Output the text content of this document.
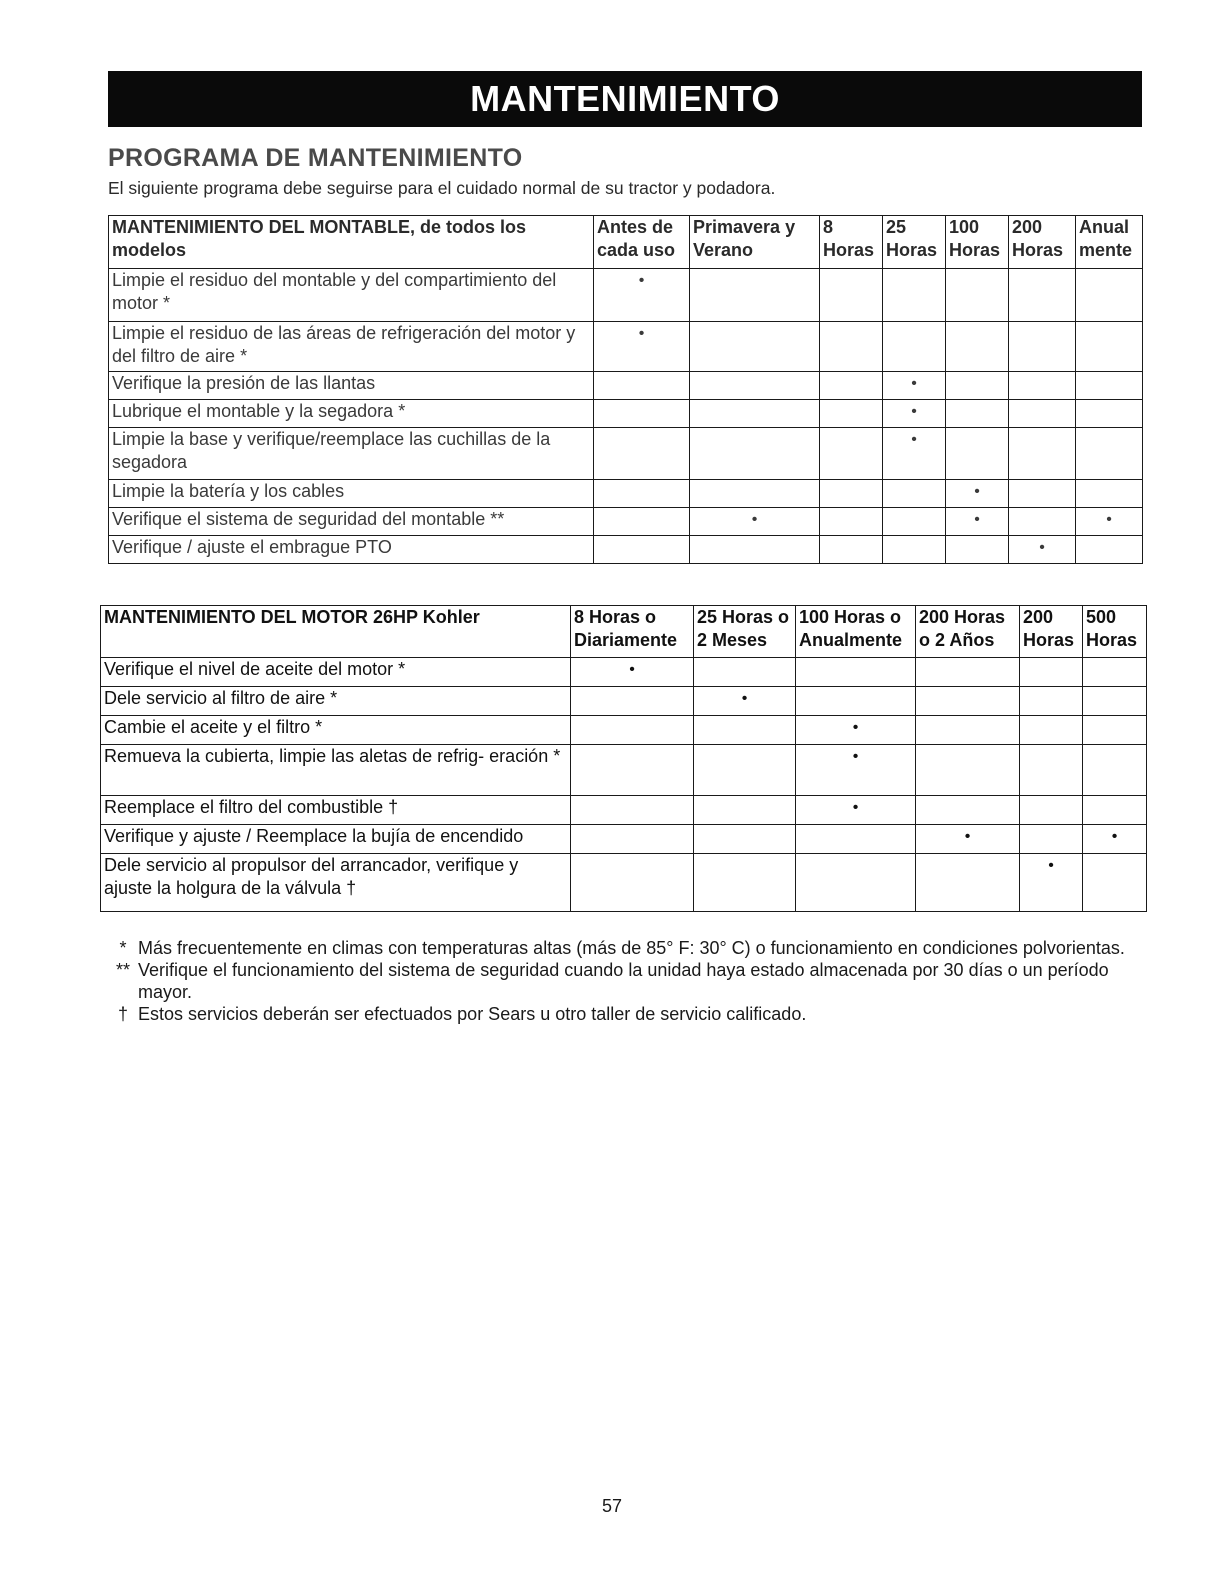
MANTENIMIENTO
PROGRAMA DE MANTENIMIENTO

El siguiente programa debe seguirse para el cuidado normal de su tractor y podadora.

MANTENIMIENTO DEL MONTABLE, de todos los modelos	Antes de cada uso	Primavera y Verano	8 Horas	25 Horas	100 Horas	200 Horas	Anual mente
Limpie el residuo del montable y del compartimiento del motor *	•						
Limpie el residuo de las áreas de refrigeración del motor y del filtro de aire *	•						
Verifique la presión de las llantas				•			
Lubrique el montable y la segadora *				•			
Limpie la base y verifique/reemplace las cuchillas de la segadora				•			
Limpie la batería y los cables					•		
Verifique el sistema de seguridad del montable **		•			•		•
Verifique / ajuste el embrague PTO						•	
MANTENIMIENTO DEL MOTOR 26HP Kohler	8 Horas o Diariamente	25 Horas o 2 Meses	100 Horas o Anualmente	200 Horas o 2 Años	200 Horas	500 Horas
Verifique el nivel de aceite del motor *	•					
Dele servicio al filtro de aire *		•				
Cambie el aceite y el filtro *			•			
Remueva la cubierta, limpie las aletas de refrig- eración *			•			
Reemplace el filtro del combustible †			•			
Verifique y ajuste / Reemplace la bujía de encendido				•		•
Dele servicio al propulsor del arrancador, verifique y ajuste la holgura de la válvula †					•	
* Más frecuentemente en climas con temperaturas altas (más de 85° F: 30° C) o funcionamiento en condiciones polvorientas.
** Verifique el funcionamiento del sistema de seguridad cuando la unidad haya estado almacenada por 30 días o un período mayor.
† Estos servicios deberán ser efectuados por Sears u otro taller de servicio calificado.
57
